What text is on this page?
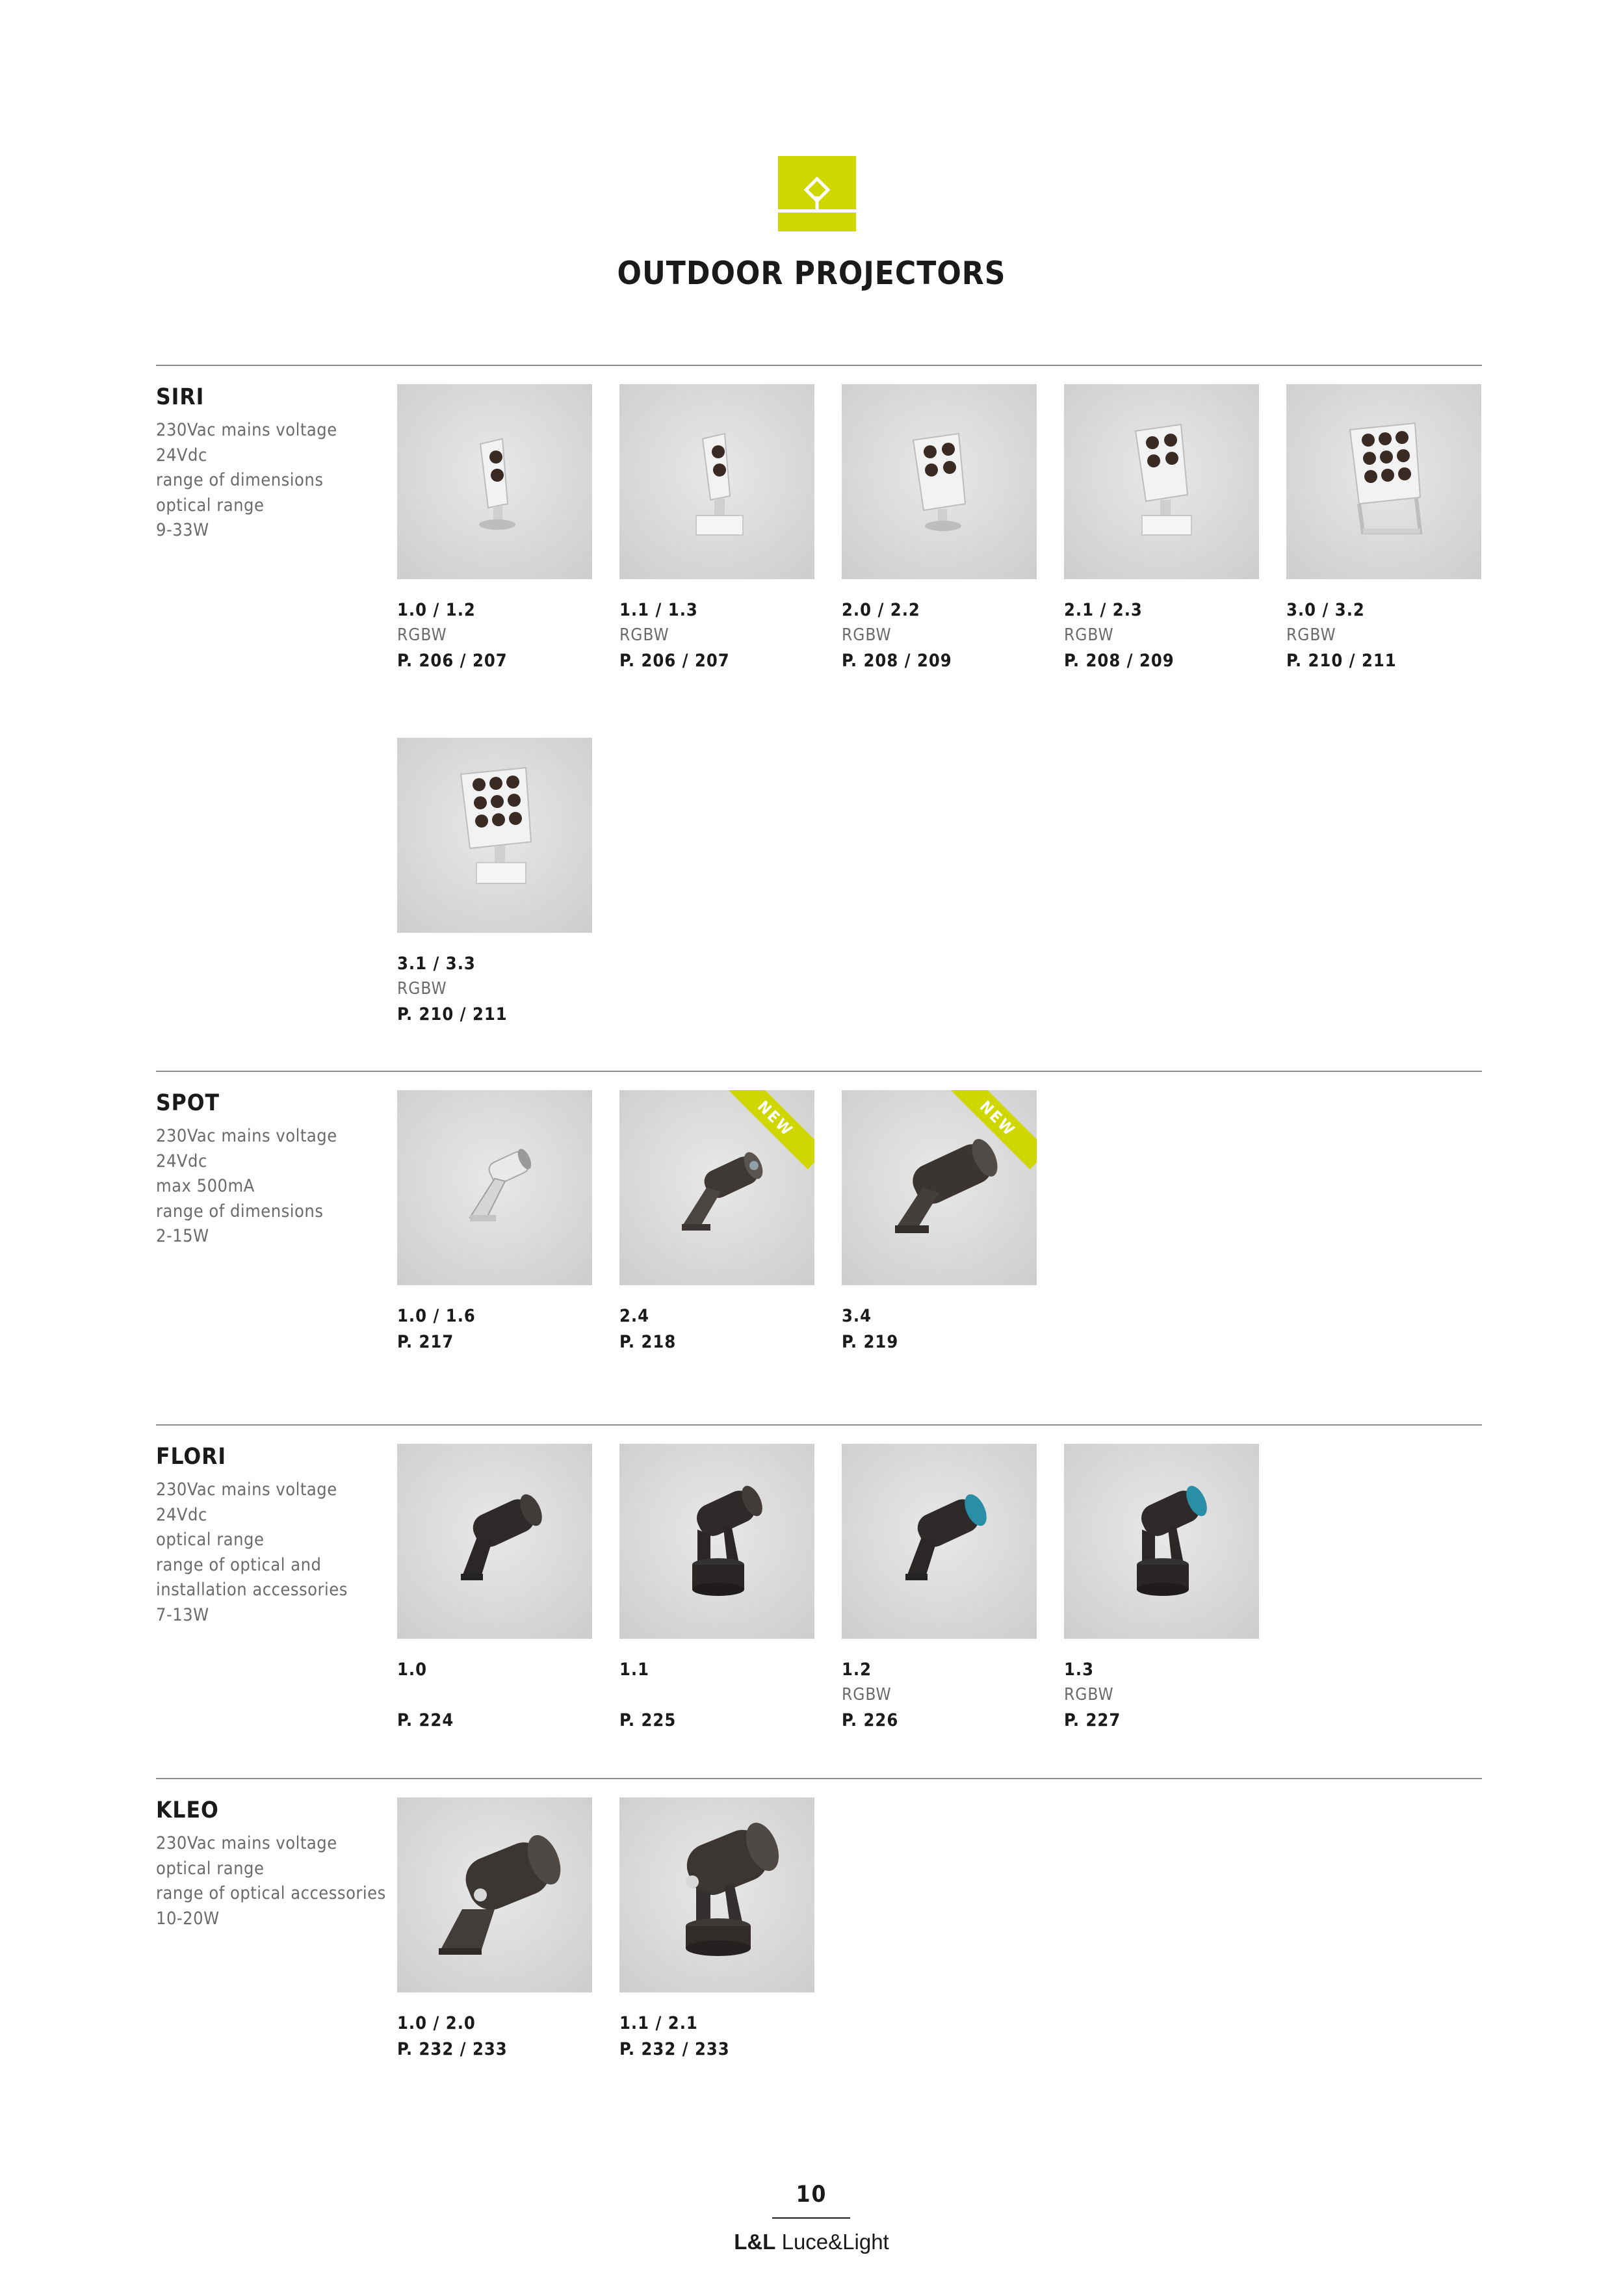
OUTDOOR PROJECTORS
SIRI
230Vac mains voltage
24Vdc
range of dimensions
optical range
9-33W
1.0 / 1.2
RGBW
P. 206 / 207
1.1 / 1.3
RGBW
P. 206 / 207
2.0 / 2.2
RGBW
P. 208 / 209
2.1 / 2.3
RGBW
P. 208 / 209
3.0 / 3.2
RGBW
P. 210 / 211
3.1 / 3.3
RGBW
P. 210 / 211
SPOT
230Vac mains voltage
24Vdc
max 500mA
range of dimensions
2-15W
1.0 / 1.6
P. 217
NEW
2.4
P. 218
NEW
3.4
P. 219
FLORI
230Vac mains voltage
24Vdc
optical range
range of optical and
installation accessories
7-13W
1.0
P. 224
1.1
P. 225
1.2
RGBW
P. 226
1.3
RGBW
P. 227
KLEO
230Vac mains voltage
optical range
range of optical accessories
10-20W
1.0 / 2.0
P. 232 / 233
1.1 / 2.1
P. 232 / 233
10
L&L Luce&Light
